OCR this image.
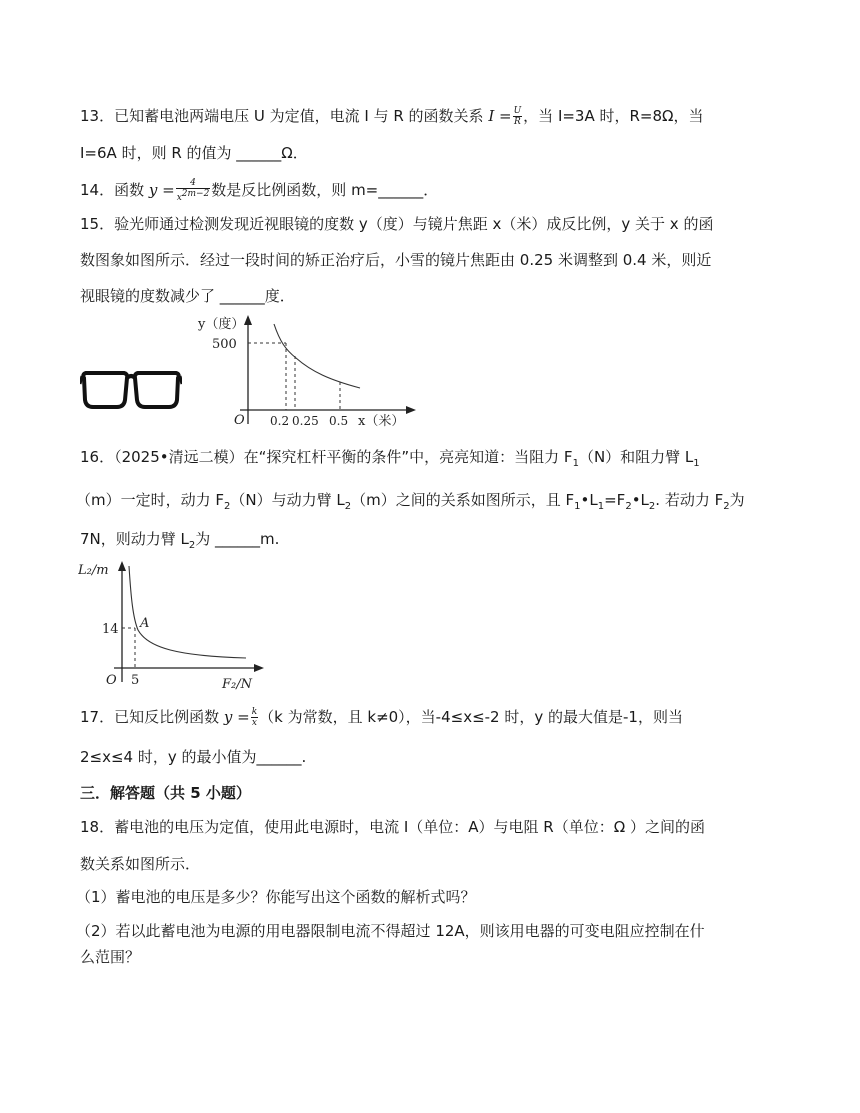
13．已知蓄电池两端电压 U 为定值，电流 I 与 R 的函数关系 $I = \frac{U}{R}$ ，当 I=3A 时，R=8Ω，当
I=6A 时，则 R 的值为 ______Ω．
14．函数 $y = \frac{4}{x^{2m-2}}$ 数是反比例函数，则 m=______．
15．验光师通过检测发现近视眼镜的度数 y（度）与镜片焦距 x（米）成反比例，y 关于 x 的函
数图象如图所示．经过一段时间的矫正治疗后，小雪的镜片焦距由 0.25 米调整到 0.4 米，则近
视眼镜的度数减少了 ______度．
y（度）
500
O 0.2 0.25 0.5 x（米）
16．（2025•清远二模）在“探究杠杆平衡的条件”中，亮亮知道：当阻力 $F_1(N)$和阻力臂 $L_1$
（m）一定时，动力 $F_2(N)$与动力臂 $L_2(m)$之间的关系如图所示，且 $F_1•L_1=F_2•L_2$. 若动力 $F_2$为
7N，则动力臂 $L_2$为 ______m.
L₂/m
14 A
O 5	F₂/N
17．已知反比例函数 $y = \frac{k}{x} (k$ 为常数，且 k≠0），当-4≤x≤-2 时，y 的最大值是-1，则当
2≤x≤4 时，y 的最小值为______.
三．解答题（共 5 小题）
18．蓄电池的电压为定值，使用此电源时，电流 I（单位：A）与电阻 R（单位：Ω ）之间的函
数关系如图所示．
（1）蓄电池的电压是多少？你能写出这个函数的解析式吗？
（2）若以此蓄电池为电源的用电器限制电流不得超过 12A，则该用电器的可变电阻应控制在什
么范围？
